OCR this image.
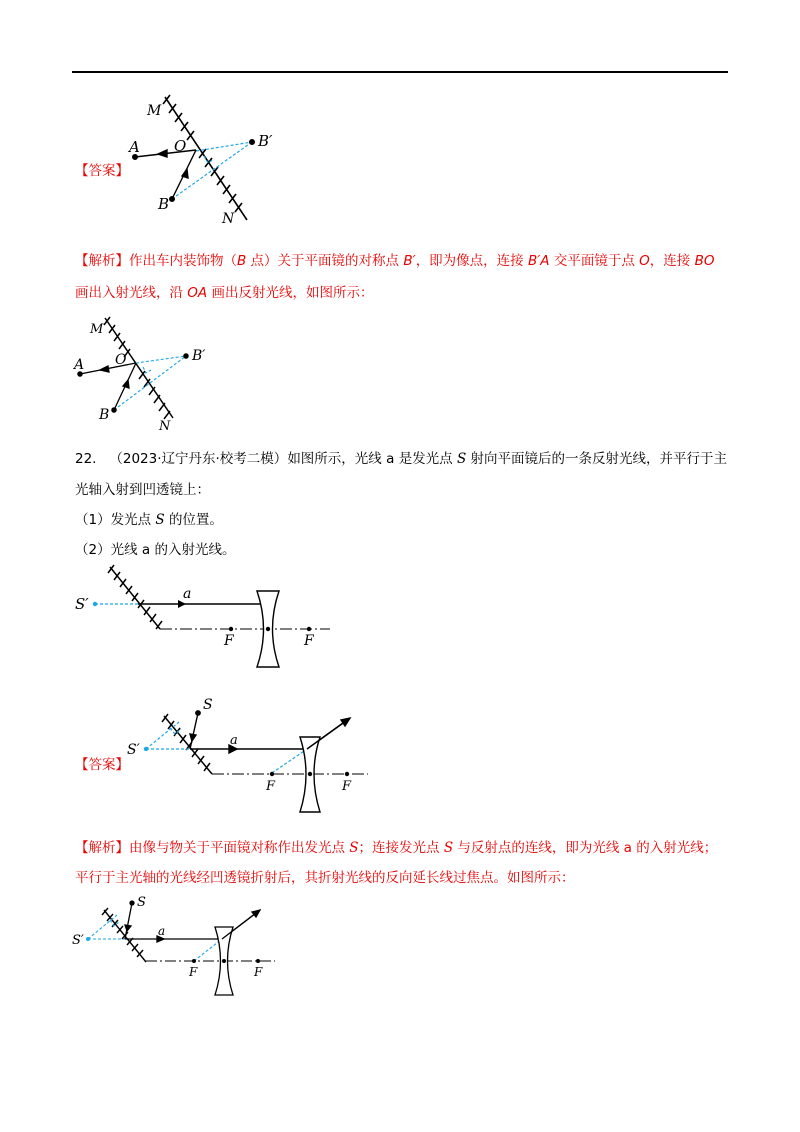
M
O
A
B
B′
N
【答案】
【解析】作出车内装饰物（B 点）关于平面镜的对称点 B′，即为像点，连接 B′A 交平面镜于点 O，连接 BO
画出入射光线，沿 OA 画出反射光线，如图所示：
M
O
A
B
B′
N
22. （2023·辽宁丹东·校考二模）如图所示，光线 a 是发光点 S 射向平面镜后的一条反射光线，并平行于主
光轴入射到凹透镜上：
（1）发光点 S 的位置。
（2）光线 a 的入射光线。
S′
a
F	F
S′
S
a
F	F
【答案】
【解析】由像与物关于平面镜对称作出发光点 S；连接发光点 S 与反射点的连线，即为光线 a 的入射光线；
平行于主光轴的光线经凹透镜折射后，其折射光线的反向延长线过焦点。如图所示：
S′
S
a
F	F
